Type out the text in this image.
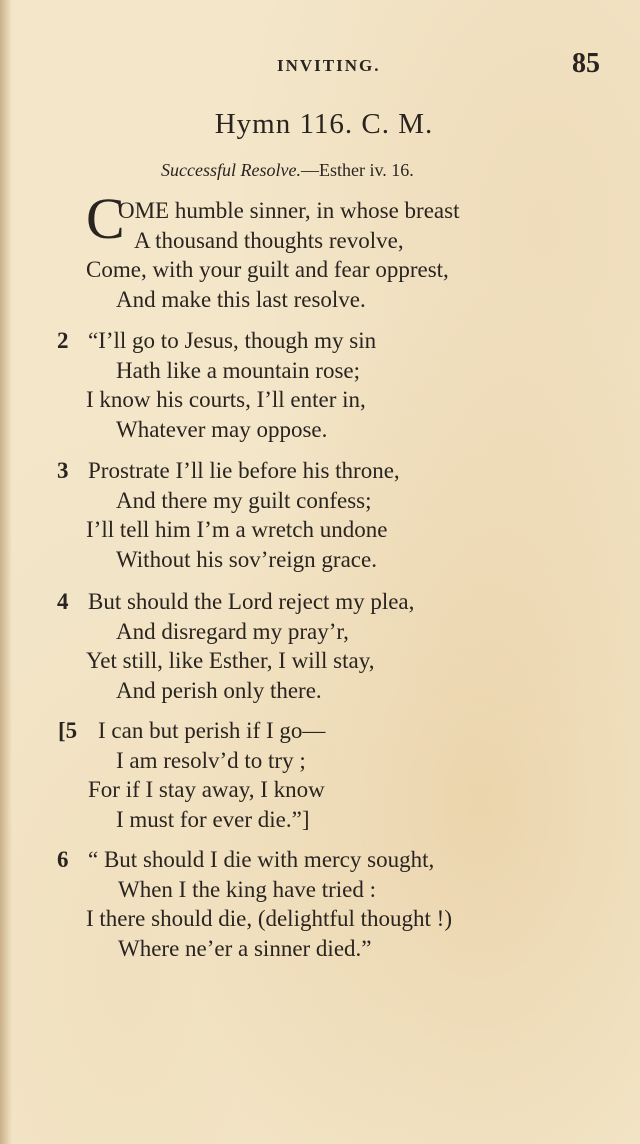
INVITING.	85
Hymn 116. C. M.
Successful Resolve.—Esther iv. 16.
C
OME humble sinner, in whose breast
A thousand thoughts revolve,
Come, with your guilt and fear opprest,
And make this last resolve.
2 “I’ll go to Jesus, though my sin
Hath like a mountain rose;
I know his courts, I’ll enter in,
Whatever may oppose.
3 Prostrate I’ll lie before his throne,
And there my guilt confess;
I’ll tell him I’m a wretch undone
Without his sov’reign grace.
4 But should the Lord reject my plea,
And disregard my pray’r,
Yet still, like Esther, I will stay,
And perish only there.
[5 I can but perish if I go—
I am resolv’d to try ;
For if I stay away, I know
I must for ever die.”]
6 “ But should I die with mercy sought,
When I the king have tried :
I there should die, (delightful thought !)
Where ne’er a sinner died.”
